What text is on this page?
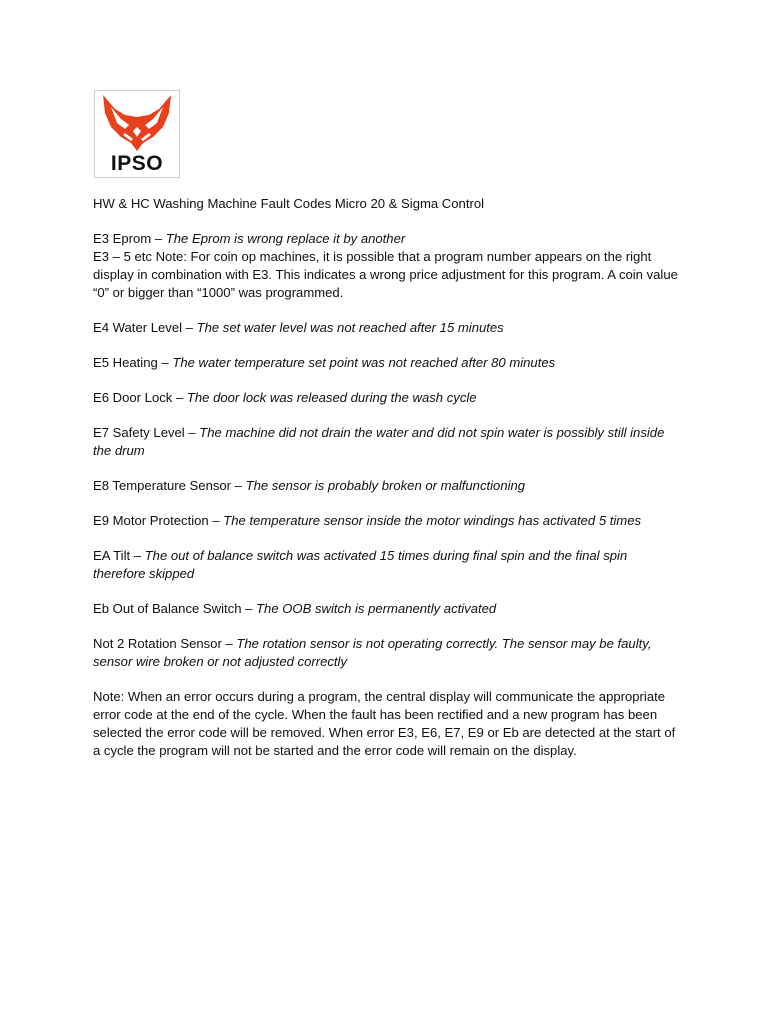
IPSO

HW & HC Washing Machine Fault Codes Micro 20 & Sigma Control

E3 Eprom – The Eprom is wrong replace it by another

E3 – 5 etc Note: For coin op machines, it is possible that a program number appears on the right display in combination with E3. This indicates a wrong price adjustment for this program. A coin value “0” or bigger than “1000” was programmed.

E4 Water Level – The set water level was not reached after 15 minutes

E5 Heating – The water temperature set point was not reached after 80 minutes

E6 Door Lock – The door lock was released during the wash cycle

E7 Safety Level – The machine did not drain the water and did not spin water is possibly still inside the drum

E8 Temperature Sensor – The sensor is probably broken or malfunctioning

E9 Motor Protection – The temperature sensor inside the motor windings has activated 5 times

EA Tilt – The out of balance switch was activated 15 times during final spin and the final spin therefore skipped

Eb Out of Balance Switch – The OOB switch is permanently activated

Not 2 Rotation Sensor – The rotation sensor is not operating correctly. The sensor may be faulty, sensor wire broken or not adjusted correctly

Note: When an error occurs during a program, the central display will communicate the appropriate error code at the end of the cycle. When the fault has been rectified and a new program has been selected the error code will be removed. When error E3, E6, E7, E9 or Eb are detected at the start of a cycle the program will not be started and the error code will remain on the display.
